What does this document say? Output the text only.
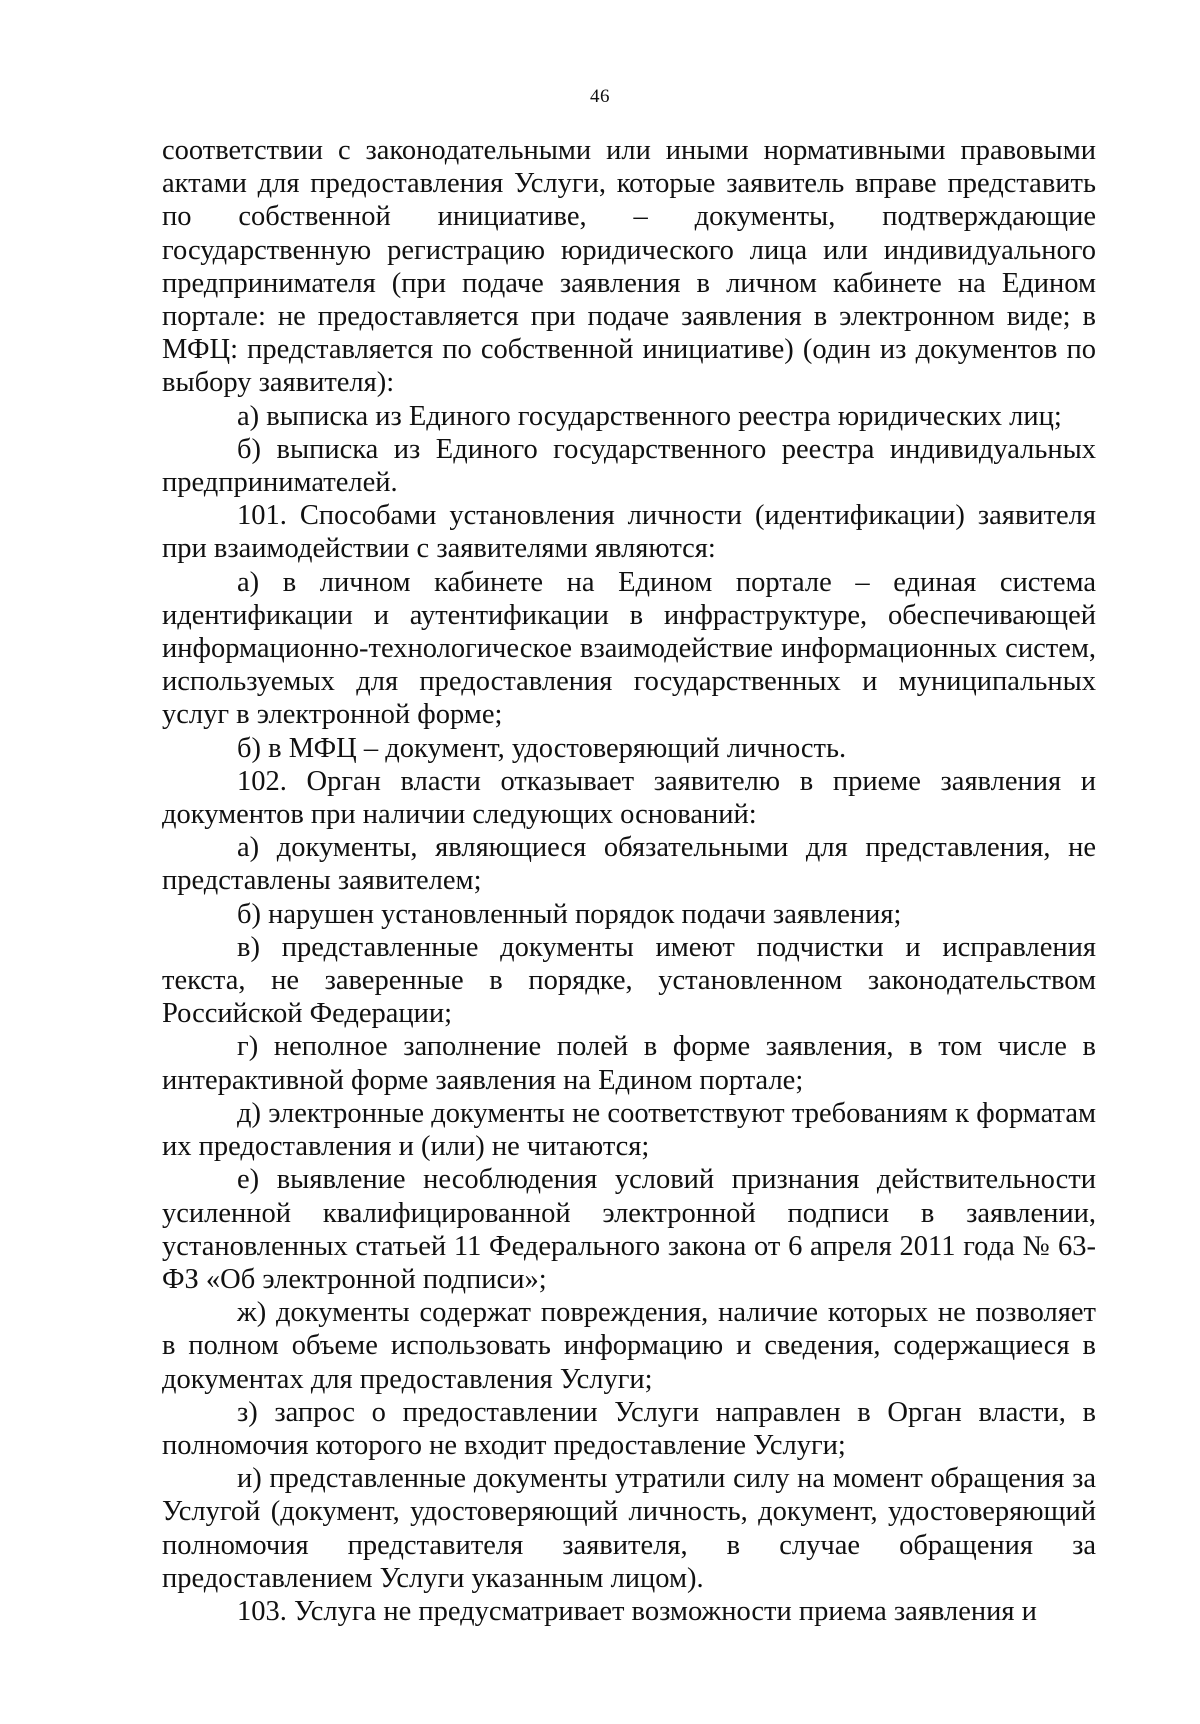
46

соответствии с законодательными или иными нормативными правовыми актами для предоставления Услуги, которые заявитель вправе представить по собственной инициативе, – документы, подтверждающие государственную регистрацию юридического лица или индивидуального предпринимателя (при подаче заявления в личном кабинете на Едином портале: не предоставляется при подаче заявления в электронном виде; в МФЦ: представляется по собственной инициативе) (один из документов по выбору заявителя):

а) выписка из Единого государственного реестра юридических лиц;

б) выписка из Единого государственного реестра индивидуальных предпринимателей.

101. Способами установления личности (идентификации) заявителя при взаимодействии с заявителями являются:

а) в личном кабинете на Едином портале – единая система идентификации и аутентификации в инфраструктуре, обеспечивающей информационно-технологическое взаимодействие информационных систем, используемых для предоставления государственных и муниципальных услуг в электронной форме;

б) в МФЦ – документ, удостоверяющий личность.

102. Орган власти отказывает заявителю в приеме заявления и документов при наличии следующих оснований:

а) документы, являющиеся обязательными для представления, не представлены заявителем;

б) нарушен установленный порядок подачи заявления;

в) представленные документы имеют подчистки и исправления текста, не заверенные в порядке, установленном законодательством Российской Федерации;

г) неполное заполнение полей в форме заявления, в том числе в интерактивной форме заявления на Едином портале;

д) электронные документы не соответствуют требованиям к форматам их предоставления и (или) не читаются;

е) выявление несоблюдения условий признания действительности усиленной квалифицированной электронной подписи в заявлении, установленных статьей 11 Федерального закона от 6 апреля 2011 года № 63-ФЗ «Об электронной подписи»;

ж) документы содержат повреждения, наличие которых не позволяет в полном объеме использовать информацию и сведения, содержащиеся в документах для предоставления Услуги;

з) запрос о предоставлении Услуги направлен в Орган власти, в полномочия которого не входит предоставление Услуги;

и) представленные документы утратили силу на момент обращения за Услугой (документ, удостоверяющий личность, документ, удостоверяющий полномочия представителя заявителя, в случае обращения за предоставлением Услуги указанным лицом).

103. Услуга не предусматривает возможности приема заявления и
